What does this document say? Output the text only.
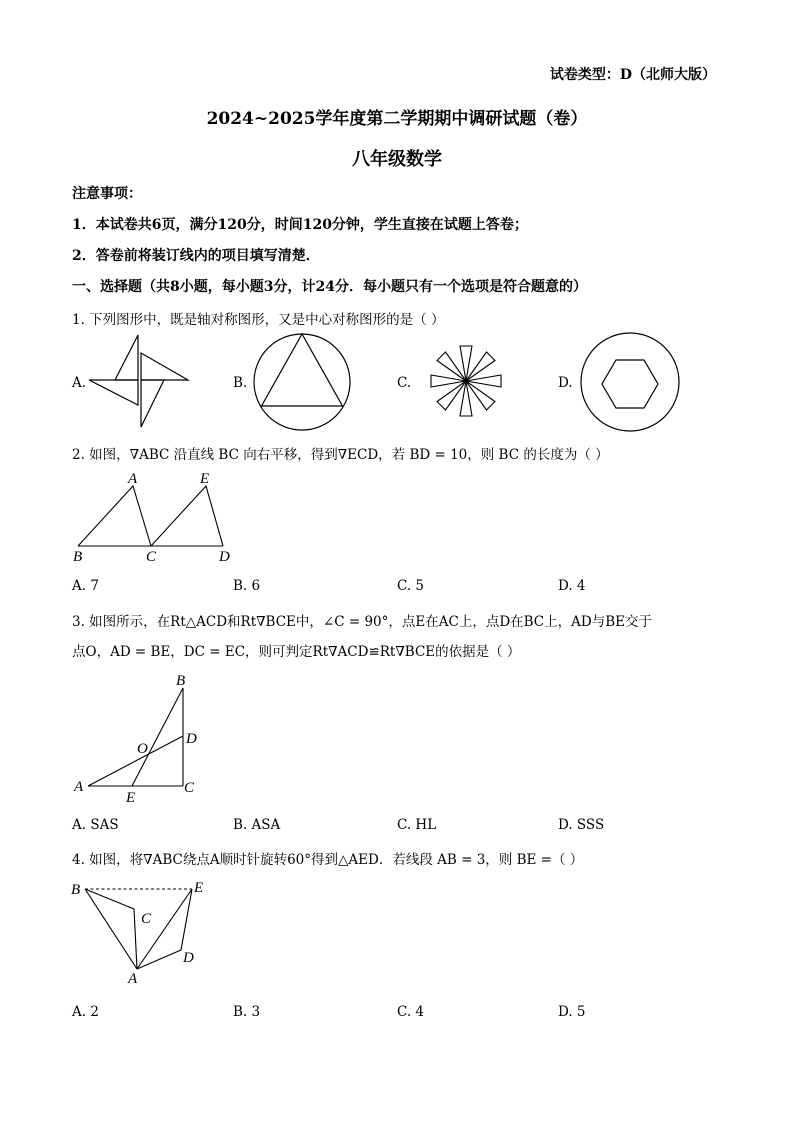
试卷类型：D（北师大版）
2024~2025学年度第二学期期中调研试题（卷）
八年级数学
注意事项：
1．本试卷共6页，满分120分，时间120分钟，学生直接在试题上答卷；
2．答卷前将装订线内的项目填写清楚．
一、选择题（共8小题，每小题3分，计24分．每小题只有一个选项是符合题意的）
1. 下列图形中，既是轴对称图形，又是中心对称图形的是（ ）
A.	B.	C.	D.
2. 如图，∇ABC 沿直线 BC 向右平移，得到∇ECD，若 BD = 10，则 BC 的长度为（ ）
A	E
B	C	D
A. 7	B. 6	C. 5	D. 4
3. 如图所示，在Rt△ACD和Rt∇BCE中，∠C = 90°，点E在AC上，点D在BC上，AD与BE交于
点O，AD = BE，DC = EC，则可判定Rt∇ACD≌Rt∇BCE的依据是（ ）
B
O
D
A
E
C
A. SAS	B. ASA	C. HL	D. SSS
4. 如图，将∇ABC绕点A顺时针旋转60°得到△AED．若线段 AB = 3，则 BE =（ ）
B	E
C
D
A
A. 2	B. 3	C. 4	D. 5
